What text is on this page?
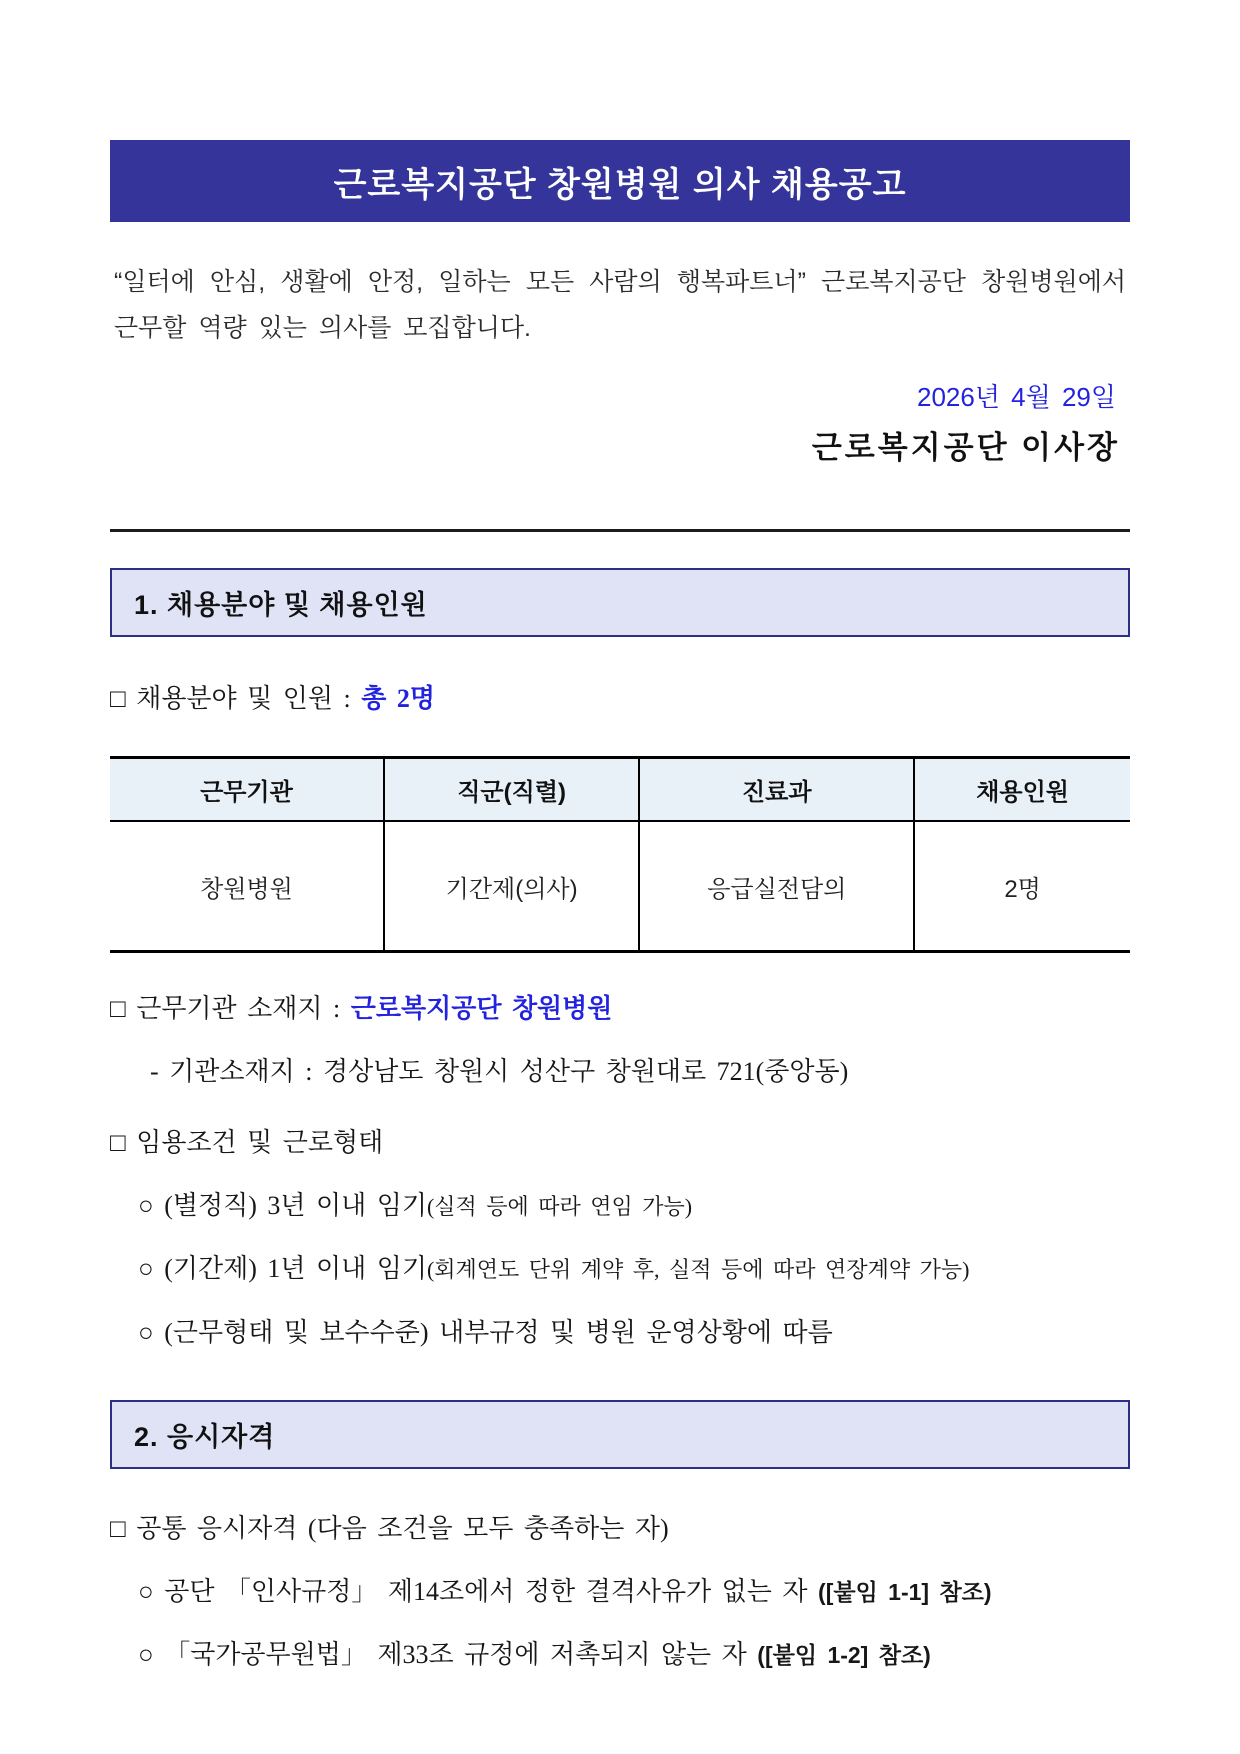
근로복지공단 창원병원 의사 채용공고

“일터에 안심, 생활에 안정, 일하는 모든 사람의 행복파트너” 근로복지공단 창원병원에서 근무할 역량 있는 의사를 모집합니다.

2026년 4월 29일
근로복지공단 이사장
1. 채용분야 및 채용인원
□ 채용분야 및 인원 : 총 2명
근무기관	직군(직렬)	진료과	채용인원
창원병원	기간제(의사)	응급실전담의	2명
□ 근무기관 소재지 : 근로복지공단 창원병원
- 기관소재지 : 경상남도 창원시 성산구 창원대로 721(중앙동)
□ 임용조건 및 근로형태
○ (별정직) 3년 이내 임기(실적 등에 따라 연임 가능)
○ (기간제) 1년 이내 임기(회계연도 단위 계약 후, 실적 등에 따라 연장계약 가능)
○ (근무형태 및 보수수준) 내부규정 및 병원 운영상황에 따름
2. 응시자격
□ 공통 응시자격 (다음 조건을 모두 충족하는 자)
○ 공단 「인사규정」 제14조에서 정한 결격사유가 없는 자 ([붙임 1-1] 참조)
○ 「국가공무원법」 제33조 규정에 저촉되지 않는 자 ([붙임 1-2] 참조)
